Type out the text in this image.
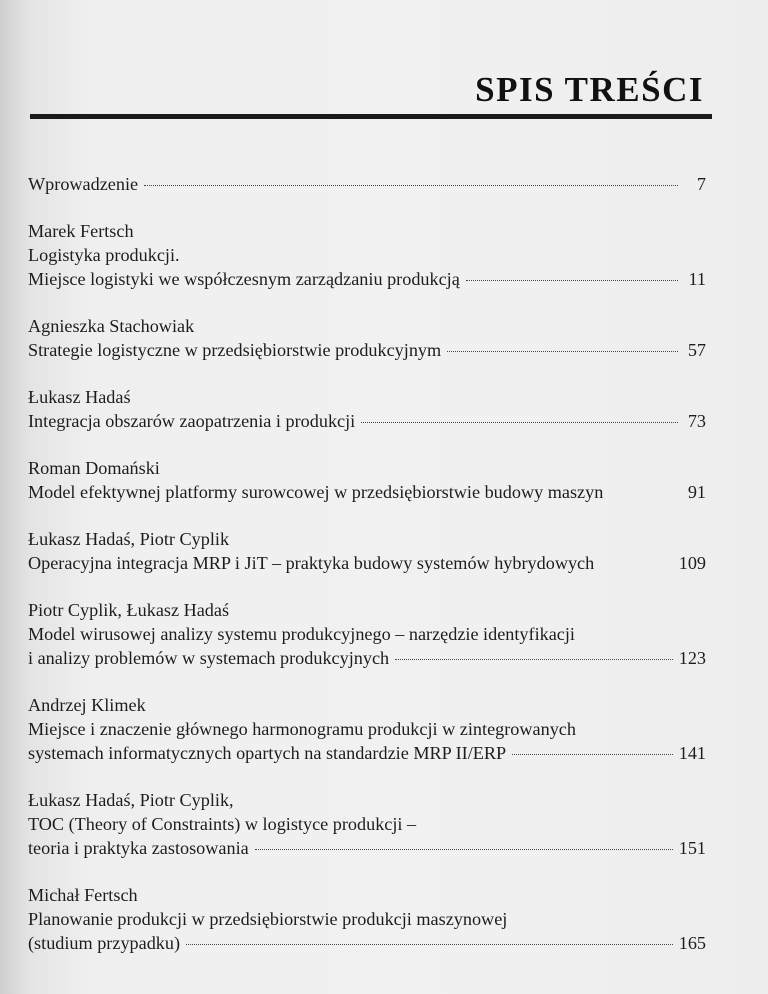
SPIS TREŚCI
Wprowadzenie	7
Marek Fertsch
Logistyka produkcji.
Miejsce logistyki we współczesnym zarządzaniu produkcją	11
Agnieszka Stachowiak
Strategie logistyczne w przedsiębiorstwie produkcyjnym	57
Łukasz Hadaś
Integracja obszarów zaopatrzenia i produkcji	73
Roman Domański
Model efektywnej platformy surowcowej w przedsiębiorstwie budowy maszyn	91
Łukasz Hadaś, Piotr Cyplik
Operacyjna integracja MRP i JiT – praktyka budowy systemów hybrydowych	109
Piotr Cyplik, Łukasz Hadaś
Model wirusowej analizy systemu produkcyjnego – narzędzie identyfikacji
i analizy problemów w systemach produkcyjnych	123
Andrzej Klimek
Miejsce i znaczenie głównego harmonogramu produkcji w zintegrowanych
systemach informatycznych opartych na standardzie MRP II/ERP	141
Łukasz Hadaś, Piotr Cyplik,
TOC (Theory of Constraints) w logistyce produkcji –
teoria i praktyka zastosowania	151
Michał Fertsch
Planowanie produkcji w przedsiębiorstwie produkcji maszynowej
(studium przypadku)	165
